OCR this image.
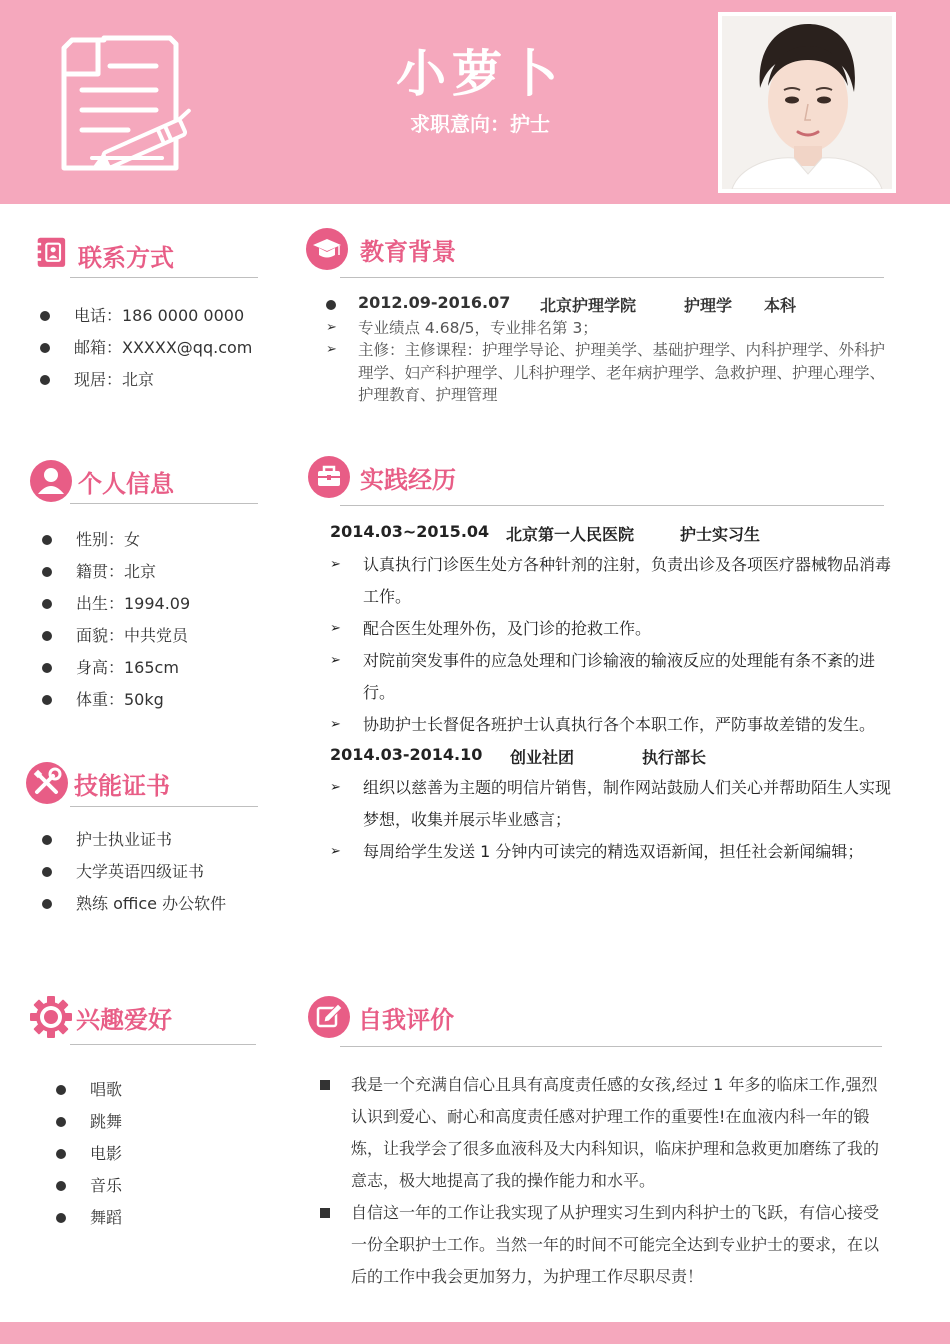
小萝卜
求职意向：护士
联系方式
电话：186 0000 0000
邮箱：XXXXX@qq.com
现居：北京
个人信息
性别：女
籍贯：北京
出生：1994.09
面貌：中共党员
身高：165cm
体重：50kg
技能证书
护士执业证书
大学英语四级证书
熟练 office 办公软件
兴趣爱好
唱歌
跳舞
电影
音乐
舞蹈
教育背景
2012.09-2016.07 北京护理学院	护理学 本科
➢	专业绩点 4.68/5，专业排名第 3；
➢	主修：主修课程：护理学导论、护理美学、基础护理学、内科护理学、外科护理学、妇产科护理学、儿科护理学、老年病护理学、急救护理、护理心理学、护理教育、护理管理
实践经历
2014.03~2015.04 北京第一人民医院	护士实习生
➢	认真执行门诊医生处方各种针剂的注射，负责出诊及各项医疗器械物品消毒工作。
➢	配合医生处理外伤，及门诊的抢救工作。
➢	对院前突发事件的应急处理和门诊输液的输液反应的处理能有条不紊的进行。
➢	协助护士长督促各班护士认真执行各个本职工作，严防事故差错的发生。
2014.03-2014.10 创业社团	执行部长
➢	组织以慈善为主题的明信片销售，制作网站鼓励人们关心并帮助陌生人实现梦想，收集并展示毕业感言；
➢	每周给学生发送 1 分钟内可读完的精选双语新闻，担任社会新闻编辑；
自我评价
我是一个充满自信心且具有高度责任感的女孩,经过 1 年多的临床工作,强烈认识到爱心、耐心和高度责任感对护理工作的重要性!在血液内科一年的锻炼，让我学会了很多血液科及大内科知识，临床护理和急救更加磨练了我的意志，极大地提高了我的操作能力和水平。
自信这一年的工作让我实现了从护理实习生到内科护士的飞跃，有信心接受一份全职护士工作。当然一年的时间不可能完全达到专业护士的要求，在以后的工作中我会更加努力，为护理工作尽职尽责！
